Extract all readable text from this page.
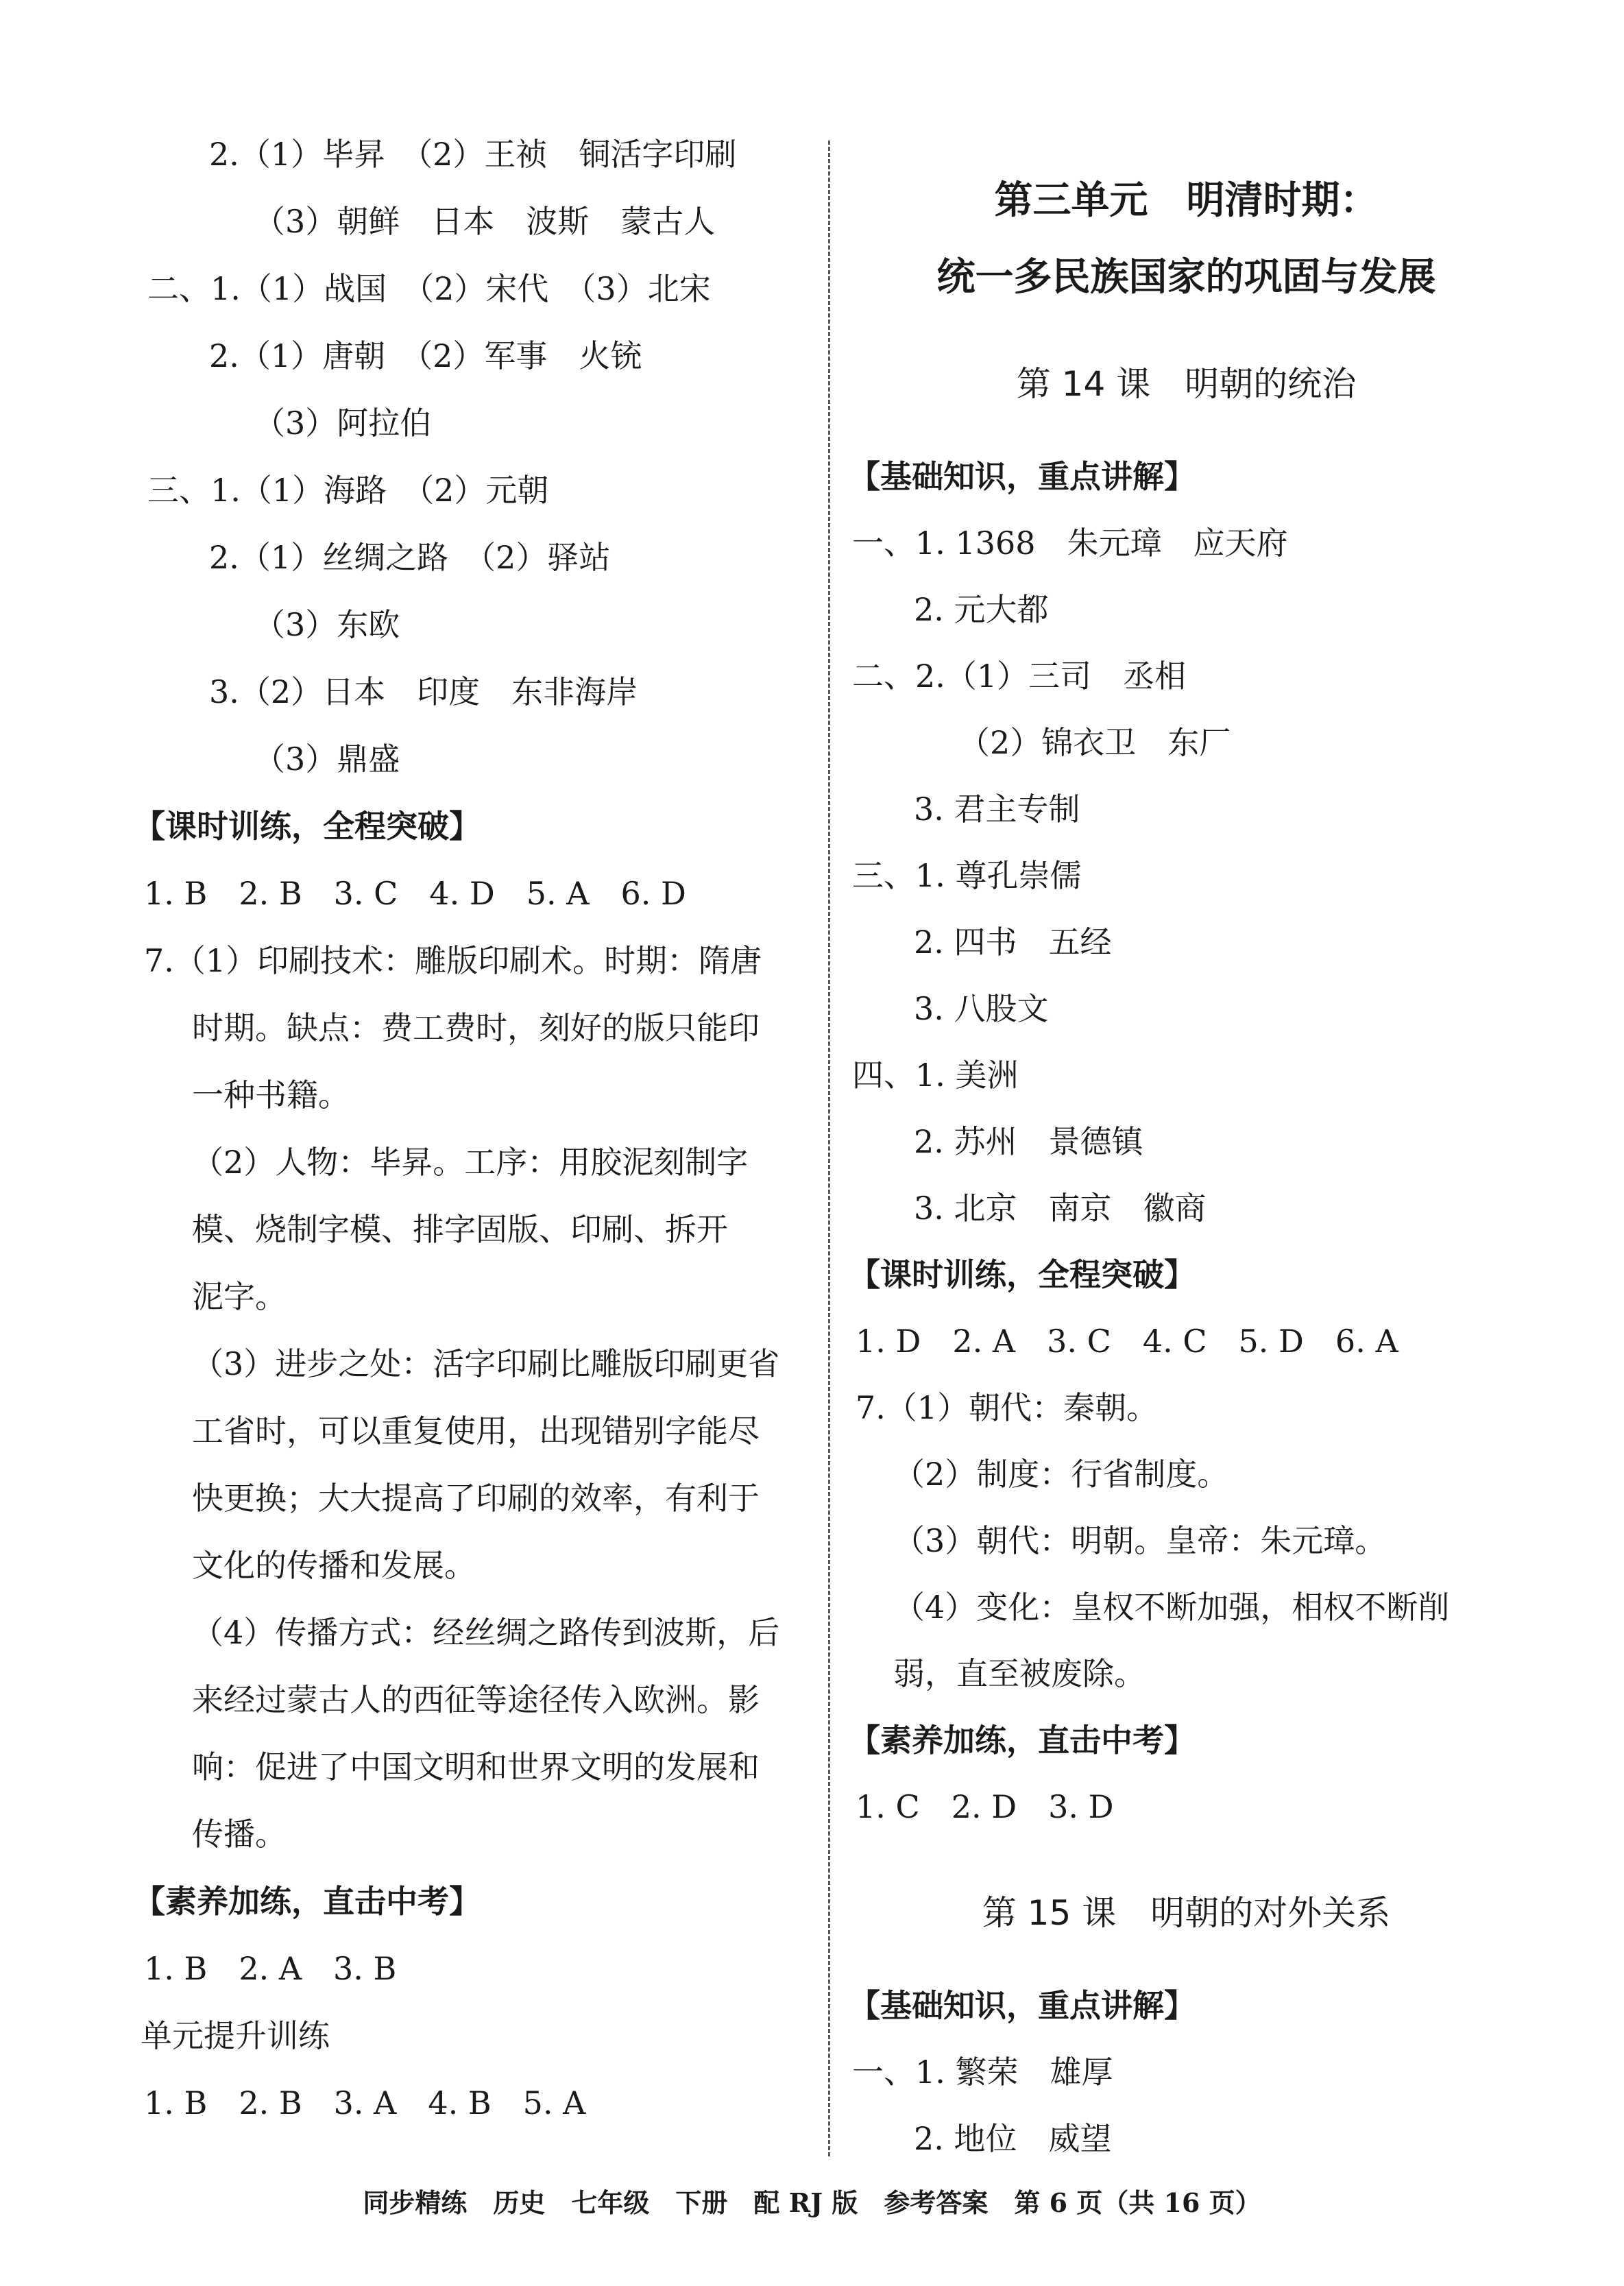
2.（1）毕昇　（2）王祯　铜活字印刷
（3）朝鲜　日本　波斯　蒙古人
二、1.（1）战国　（2）宋代　（3）北宋
2.（1）唐朝　（2）军事　火铳
（3）阿拉伯
三、1.（1）海路　（2）元朝
2.（1）丝绸之路　（2）驿站
（3）东欧
3.（2）日本　印度　东非海岸
（3）鼎盛
【课时训练，全程突破】
1. B　2. B　3. C　4. D　5. A　6. D
7.（1）印刷技术：雕版印刷术。时期：隋唐
时期。缺点：费工费时，刻好的版只能印
一种书籍。
（2）人物：毕昇。工序：用胶泥刻制字
模、烧制字模、排字固版、印刷、拆开
泥字。
（3）进步之处：活字印刷比雕版印刷更省
工省时，可以重复使用，出现错别字能尽
快更换；大大提高了印刷的效率，有利于
文化的传播和发展。
（4）传播方式：经丝绸之路传到波斯，后
来经过蒙古人的西征等途径传入欧洲。影
响：促进了中国文明和世界文明的发展和
传播。
【素养加练，直击中考】
1. B　2. A　3. B
单元提升训练
1. B　2. B　3. A　4. B　5. A
第三单元　明清时期：
统一多民族国家的巩固与发展
第 14 课　明朝的统治
【基础知识，重点讲解】
一、1. 1368　朱元璋　应天府
2. 元大都
二、2.（1）三司　丞相
（2）锦衣卫　东厂
3. 君主专制
三、1. 尊孔崇儒
2. 四书　五经
3. 八股文
四、1. 美洲
2. 苏州　景德镇
3. 北京　南京　徽商
【课时训练，全程突破】
1. D　2. A　3. C　4. C　5. D　6. A
7.（1）朝代：秦朝。
（2）制度：行省制度。
（3）朝代：明朝。皇帝：朱元璋。
（4）变化：皇权不断加强，相权不断削
弱，直至被废除。
【素养加练，直击中考】
1. C　2. D　3. D
第 15 课　明朝的对外关系
【基础知识，重点讲解】
一、1. 繁荣　雄厚
2. 地位　威望
同步精练　历史　七年级　下册　配 RJ 版　参考答案　第 6 页（共 16 页）
